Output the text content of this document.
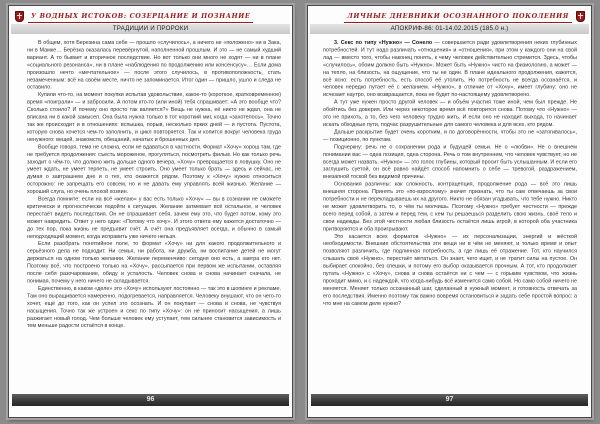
У ВОДНЫХ ИСТОКОВ: СОЗЕРЦАНИЕ И ПОЗНАНИЕ
ТРАДИЦИИ И ПРОРОКИ

В общем, хотя Березина сама себе — прошло «случилось», а ничего не «положено» ни в Зака, ни в Мамке… Берёзка оказалась перевёрнутой, наполненной прошлым. И это — не самый худший вариант. А то бывает и вторичное последствие. Но вот только они много не ходят — ни в плане «социального резонанса», ни в плане «наблюдения по продолжению или консенсусу»… Если дома произошло нечто «мечтательное» — после этого случилось, в противоположность, стать незамеченным: всё на своём месте, ничто не запоминается. Итог один — пришло, ушло и следа не оставило.

Купили что-то, на момент покупки испытав удовольствие, какое-то (короткое, кратковременное) время «поиграли» — и забросили. А потом кто-то (или иной) тебя спрашивает: «А это вообще что? Сколько стоило? И почему оно просто так валяется?» Вещь не нужна, её никто не ждал, она не вписана ни в какой замысел. Она была нужна только в тот короткий миг, когда «захотелось». Точно так же происходит и в отношениях: вспышка, порыв, несколько ярких дней — и пустота. Пустота, которую снова хочется чем-то заполнить, и цикл повторяется. Так и копится вокруг человека груда ненужного: вещей, знакомств, обещаний, начатых и брошенных дел.

Вообще говоря, тема не сложна, если не вдаваться в частности. Формат «Хочу» хорош там, где не требуется продолжения: съесть мороженое, прогуляться, посмотреть фильм. Но как только речь заходит о чём-то, что должно жить дольше одного вечера, «Хочу» превращается в ловушку. Оно не умеет ждать, не умеет терпеть, не умеет строить. Оно умеет только брать — здесь и сейчас, не думая о завтрашнем дне и о тех, кто окажется рядом. Поэтому к «Хочу» нужно относиться осторожно: не запрещать его совсем, но и не давать ему управлять всей жизнью. Желание — хороший слуга, но очень плохой хозяин.

Всегда помните: если на всё «желаю» у вас есть только «Хочу» — вы в сознании не сможете критически и прогностически подойти к ситуации. Желание затмевает всё остальное, и человек перестаёт видеть последствия. Он не спрашивает себя, зачем ему это, что будет потом, кому это может навредить. Ответ у него один: «Потому что хочу». И этого ответа ему кажется достаточно — до тех пор, пока жизнь не предъявит счёт. А счёт она предъявляет всегда, и обычно в самый неподходящий момент, когда исправить уже ничего нельзя.

Если разобрать понятийное поле, то формат «Хочу» ни для какого продолжительного и серьёзного дела не подходит. Ни семья, ни работа, ни дружба, ни воспитание детей не могут держаться на одном только желании. Желание переменчиво: сегодня оно есть, а завтра его нет. Поэтому всё, что построено только на «Хочу», рассыпается при первом же испытании, оставляя после себя разочарование, обиду и усталость. Человек снова и снова начинает сначала, не понимая, почему у него ничего не складывается.

Единственно, в каком «деле» это «Хочу» используют постоянно — так это в шопинге и рекламе. Там оно выращивается намеренно, подогревается, направляется. Человеку внушают, что он чего-то хочет, ещё до того, как он успел это осознать. И он покупает — снова и снова, не чувствуя насыщения. Точно так же устроен и секс по типу «Хочу»: он не приносит насыщения, а лишь разжигает новый голод. Чем больше человек ему уступает, тем сильнее становится зависимость и тем меньше радости остаётся в конце.

96
ЛИЧНЫЕ ДНЕВНИКИ ОСОЗНАННОГО ПОКОЛЕНИЯ
АПОКРИФ-86: 01-14.02.2015 (185.0 н.)

3. Секс по типу «Нужно» — Сонело — совершается ради удовлетворения неких глубинных потребностей. И тут надо различать «отношения» и «отношения», при этом у каждого они на свой лад — вместо того, чтобы наконец понять, к чему человек действительно стремится. Здесь, чтобы «случилось», обоим должно быть «Нужно». Может быть «Нужно» чисто на физиологию, а может — на тепло, на близость, на ощущение, что ты не один. В плане идеального продолжения, кажется, всё ясно: есть потребность, есть способ её утолить. Но потребность не всегда осознаётся, и человек нередко путает её с желанием. «Нужно», в отличие от «Хочу», имеет глубину: оно не исчезает наутро, оно возвращается, пока не будет по-настоящему удовлетворено.

А тут уже нужен просто другой человек — и объём участия тоже иной, чем был прежде. Не обойтись без доверия. Или через некоторое время всё повторится снова. Потому что «Нужно» — это не прихоть, а то, без чего человеку трудно жить. И если оно не находит выхода, то начинает искать обходные пути, подчас разрушительные для самого человека и для всех, кто рядом.

Дальше раскрытие будет очень коротким, и по договорённости, чтобы это не «затягивалось», — позиционно, по пунктам.

Подчеркну: речь не о сохранении рода и будущей семьи. Не о «любви». Не о внешнем понимании вас — одна позиция, одна сторона. Речь о том внутреннем, что человек чувствует, но не всегда может назвать. «Нужно» — это голос глубины, который просит быть услышанным. И если его заглушить суетой, он всё равно найдёт способ напомнить о себе — тревогой, раздражением, внезапной тоской без видимой причины.

Основания различны: как сложность, контрацепция, продолжение рода — всё это лишь внешняя сторона. Принять это «по-взрослому» значит признать, что ты сам отвечаешь за свои потребности и не перекладываешь их на другого. Никто не обязан угадывать, что тебе нужно. Никто не может удовлетворить то, о чём ты молчишь. Поэтому «Нужно» требует честности — прежде всего перед собой, а затем и перед тем, с кем ты решаешься разделить свою жизнь, своё тело и свои надежды. Без этой честности любая близость остаётся лишь игрой, в которой оба участника притворяются и оба проигрывают.

Это касается всех форматов «Нужно» — их персонализации, энергий и жёсткой необходимости. Внешние обстоятельства эти вещи ни в чём не меняют, и только время и опыт позволяют различить, где подлинная потребность, а где лишь её отражение. Тот, кто научился слышать своё «Нужно», перестаёт метаться. Он знает, чего ищет, и не тратит силы на пустое. Он выбирает спокойно, без спешки, и потому его выбор оказывается прочным. А тот, кто продолжает путать «Нужно» с «Хочу», снова и снова остаётся ни с чем — с горьким чувством, что жизнь проходит мимо, и с надеждой, что когда-нибудь всё изменится само собой. Но само собой ничего не меняется. Меняет только осознанный шаг, сделанный в нужный момент, и готовность отвечать за его последствия. Именно поэтому так важно вовремя остановиться и задать себе простой вопрос: а что мне на самом деле нужно?

97
